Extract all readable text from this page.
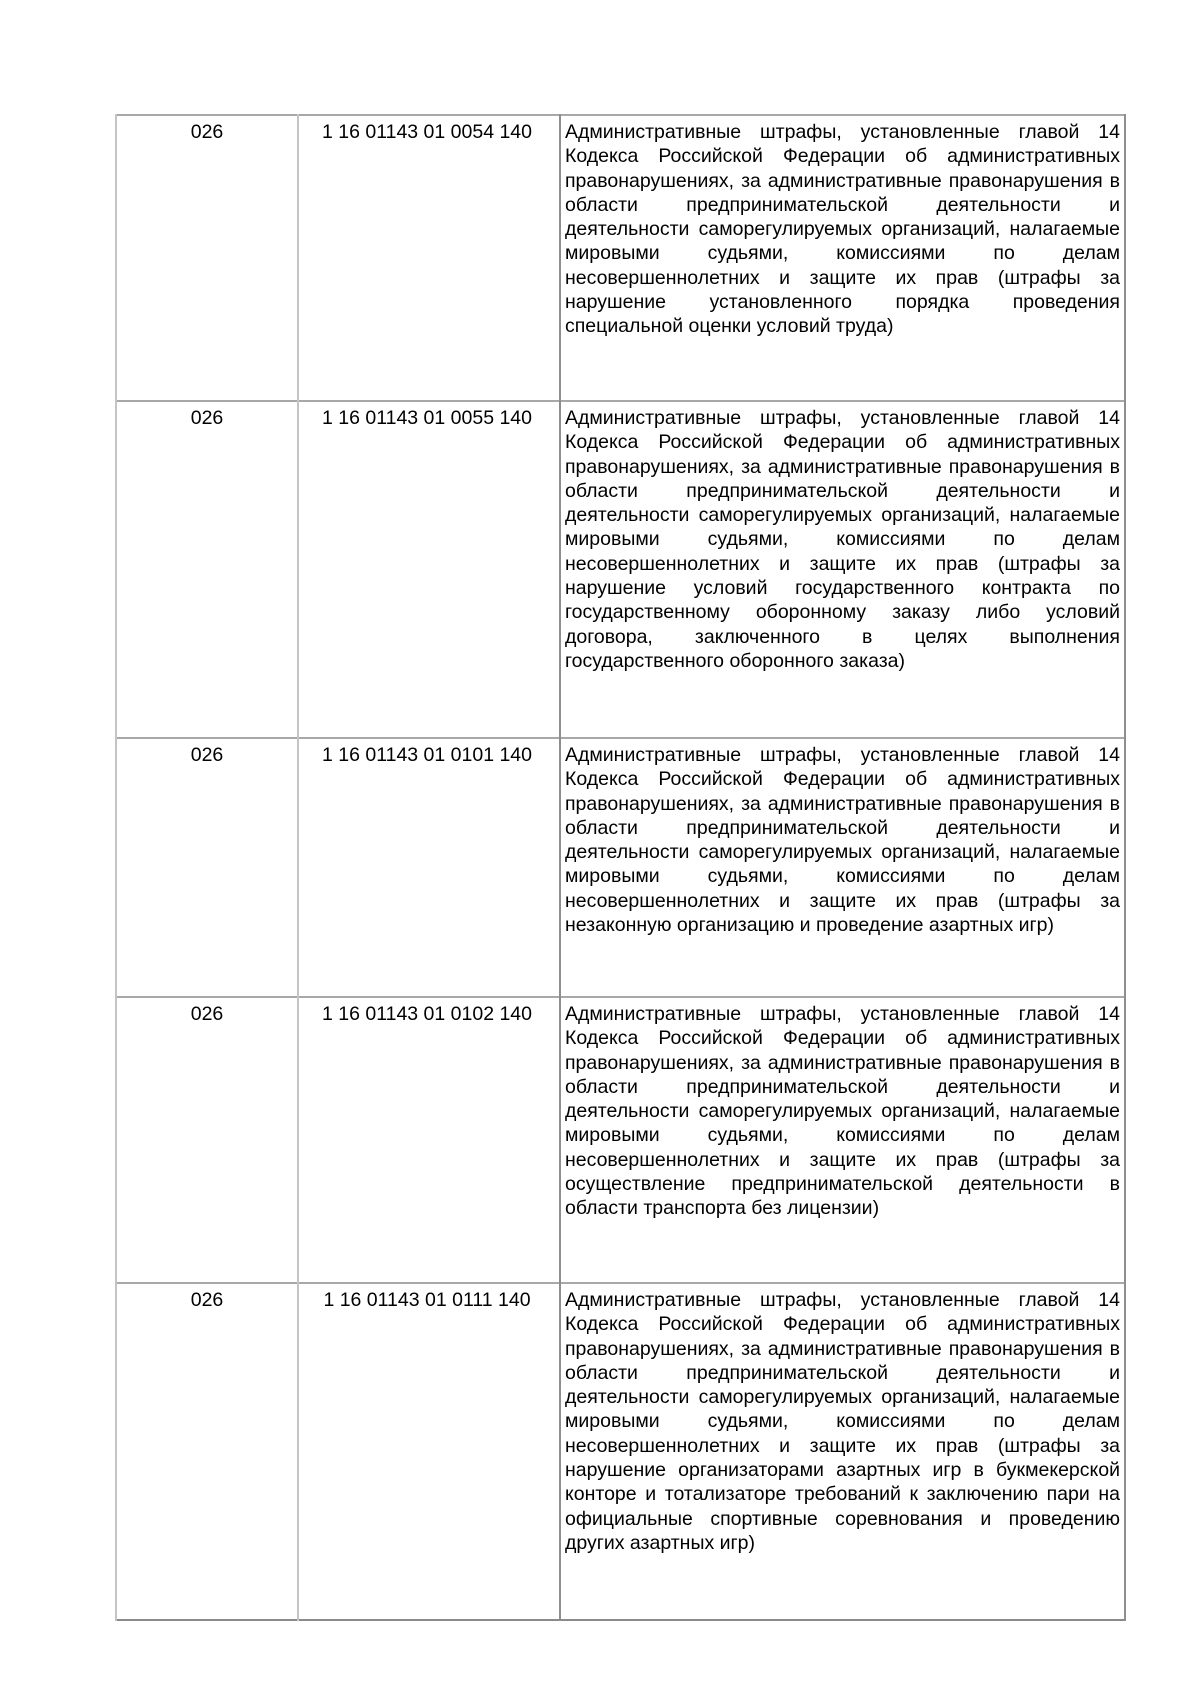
026	1 16 01143 01 0054 140	Административные штрафы, установленные главой 14 Кодекса Российской Федерации об административных правонарушениях, за административные правонарушения в области предпринимательской деятельности и деятельности саморегулируемых организаций, налагаемые мировыми судьями, комиссиями по делам несовершеннолетних и защите их прав (штрафы за нарушение установленного порядка проведения специальной оценки условий труда)

026	1 16 01143 01 0055 140	Административные штрафы, установленные главой 14 Кодекса Российской Федерации об административных правонарушениях, за административные правонарушения в области предпринимательской деятельности и деятельности саморегулируемых организаций, налагаемые мировыми судьями, комиссиями по делам несовершеннолетних и защите их прав (штрафы за нарушение условий государственного контракта по государственному оборонному заказу либо условий договора, заключенного в целях выполнения государственного оборонного заказа)

026	1 16 01143 01 0101 140	Административные штрафы, установленные главой 14 Кодекса Российской Федерации об административных правонарушениях, за административные правонарушения в области предпринимательской деятельности и деятельности саморегулируемых организаций, налагаемые мировыми судьями, комиссиями по делам несовершеннолетних и защите их прав (штрафы за незаконную организацию и проведение азартных игр)

026	1 16 01143 01 0102 140	Административные штрафы, установленные главой 14 Кодекса Российской Федерации об административных правонарушениях, за административные правонарушения в области предпринимательской деятельности и деятельности саморегулируемых организаций, налагаемые мировыми судьями, комиссиями по делам несовершеннолетних и защите их прав (штрафы за осуществление предпринимательской деятельности в области транспорта без лицензии)

026	1 16 01143 01 0111 140	Административные штрафы, установленные главой 14 Кодекса Российской Федерации об административных правонарушениях, за административные правонарушения в области предпринимательской деятельности и деятельности саморегулируемых организаций, налагаемые мировыми судьями, комиссиями по делам несовершеннолетних и защите их прав (штрафы за нарушение организаторами азартных игр в букмекерской конторе и тотализаторе требований к заключению пари на официальные спортивные соревнования и проведению других азартных игр)
